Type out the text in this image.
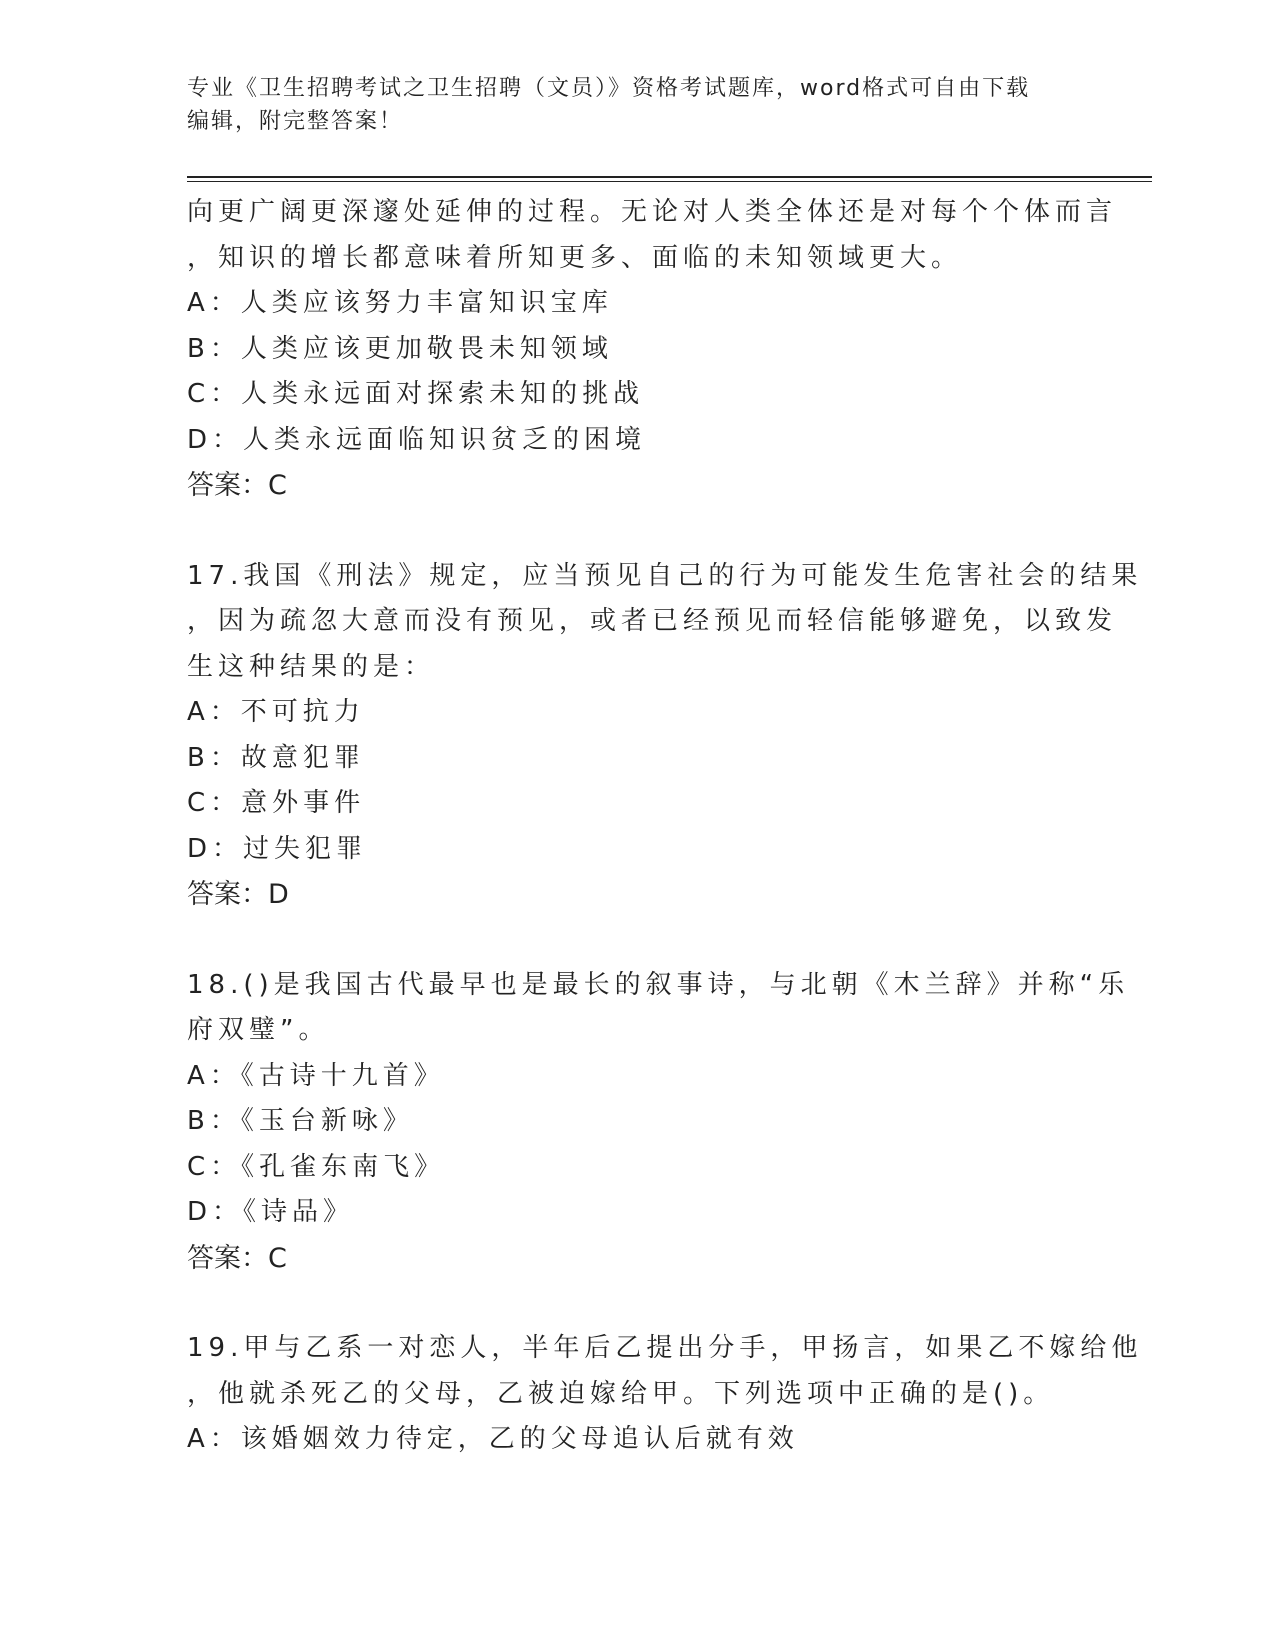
专业《卫生招聘考试之卫生招聘（文员）》资格考试题库，word格式可自由下载
编辑，附完整答案！
向更广阔更深邃处延伸的过程。无论对人类全体还是对每个个体而言
，知识的增长都意味着所知更多、面临的未知领域更大。
A：人类应该努力丰富知识宝库
B：人类应该更加敬畏未知领域
C：人类永远面对探索未知的挑战
D：人类永远面临知识贫乏的困境
答案：C
17.我国《刑法》规定，应当预见自己的行为可能发生危害社会的结果
，因为疏忽大意而没有预见，或者已经预见而轻信能够避免，以致发
生这种结果的是：
A：不可抗力
B：故意犯罪
C：意外事件
D：过失犯罪
答案：D
18.()是我国古代最早也是最长的叙事诗，与北朝《木兰辞》并称“乐
府双璧”。
A：《古诗十九首》
B：《玉台新咏》
C：《孔雀东南飞》
D：《诗品》
答案：C
19.甲与乙系一对恋人，半年后乙提出分手，甲扬言，如果乙不嫁给他
，他就杀死乙的父母，乙被迫嫁给甲。下列选项中正确的是()。
A：该婚姻效力待定，乙的父母追认后就有效
